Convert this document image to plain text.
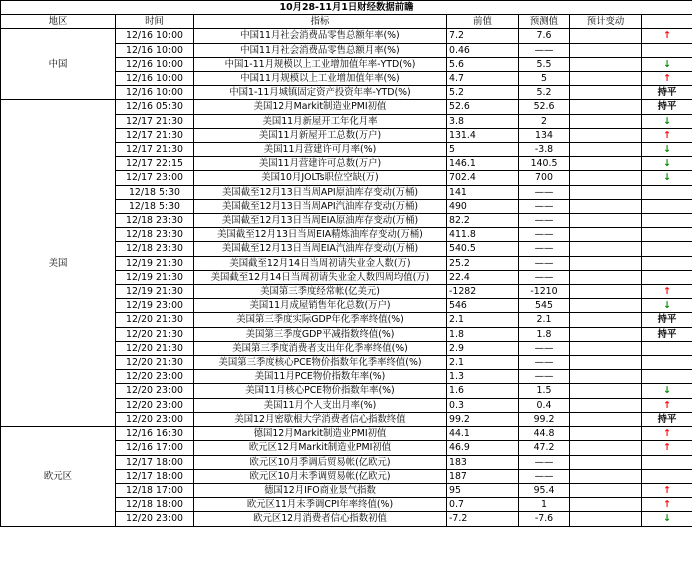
10月28-11月1日财经数据前瞻						
地区	时间	指标	前值	预测值	预计变动	
中国	12/16 10:00	中国11月社会消费品零售总额年率(%)	7.2	7.6		↑
	12/16 10:00	中国11月社会消费品零售总额月率(%)	0.46	——		
	12/16 10:00	中国1-11月规模以上工业增加值年率-YTD(%)	5.6	5.5		↓
	12/16 10:00	中国11月规模以上工业增加值年率(%)	4.7	5		↑
	12/16 10:00	中国1-11月城镇固定资产投资年率-YTD(%)	5.2	5.2		持平
美国	12/16 05:30	美国12月Markit制造业PMI初值	52.6	52.6		持平
	12/17 21:30	美国11月新屋开工年化月率	3.8	2		↓
	12/17 21:30	美国11月新屋开工总数(万户)	131.4	134		↑
	12/17 21:30	美国11月营建许可月率(%)	5	-3.8		↓
	12/17 22:15	美国11月营建许可总数(万户)	146.1	140.5		↓
	12/17 23:00	美国10月JOLTs职位空缺(万)	702.4	700		↓
	12/18 5:30	美国截至12月13日当周API原油库存变动(万桶)	141	——		
	12/18 5:30	美国截至12月13日当周API汽油库存变动(万桶)	490	——		
	12/18 23:30	美国截至12月13日当周EIA原油库存变动(万桶)	82.2	——		
	12/18 23:30	美国截至12月13日当周EIA精炼油库存变动(万桶)	411.8	——		
	12/18 23:30	美国截至12月13日当周EIA汽油库存变动(万桶)	540.5	——		
	12/19 21:30	美国截至12月14日当周初请失业金人数(万)	25.2	——		
	12/19 21:30	美国截至12月14日当周初请失业金人数四周均值(万)	22.4	——		
	12/19 21:30	美国第三季度经常帐(亿美元)	-1282	-1210		↑
	12/19 23:00	美国11月成屋销售年化总数(万户)	546	545		↓
	12/20 21:30	美国第三季度实际GDP年化季率终值(%)	2.1	2.1		持平
	12/20 21:30	美国第三季度GDP平减指数终值(%)	1.8	1.8		持平
	12/20 21:30	美国第三季度消费者支出年化季率终值(%)	2.9	——		
	12/20 21:30	美国第三季度核心PCE物价指数年化季率终值(%)	2.1	——		
	12/20 23:00	美国11月PCE物价指数年率(%)	1.3	——		
	12/20 23:00	美国11月核心PCE物价指数年率(%)	1.6	1.5		↓
	12/20 23:00	美国11月个人支出月率(%)	0.3	0.4		↑
	12/20 23:00	美国12月密歇根大学消费者信心指数终值	99.2	99.2		持平
欧元区	12/16 16:30	德国12月Markit制造业PMI初值	44.1	44.8		↑
	12/16 17:00	欧元区12月Markit制造业PMI初值	46.9	47.2		↑
	12/17 18:00	欧元区10月季调后贸易帐(亿欧元)	183	——		
	12/17 18:00	欧元区10月未季调贸易帐(亿欧元)	187	——		
	12/18 17:00	德国12月IFO商业景气指数	95	95.4		↑
	12/18 18:00	欧元区11月未季调CPI年率终值(%)	0.7	1		↑
	12/20 23:00	欧元区12月消费者信心指数初值	-7.2	-7.6		↓
